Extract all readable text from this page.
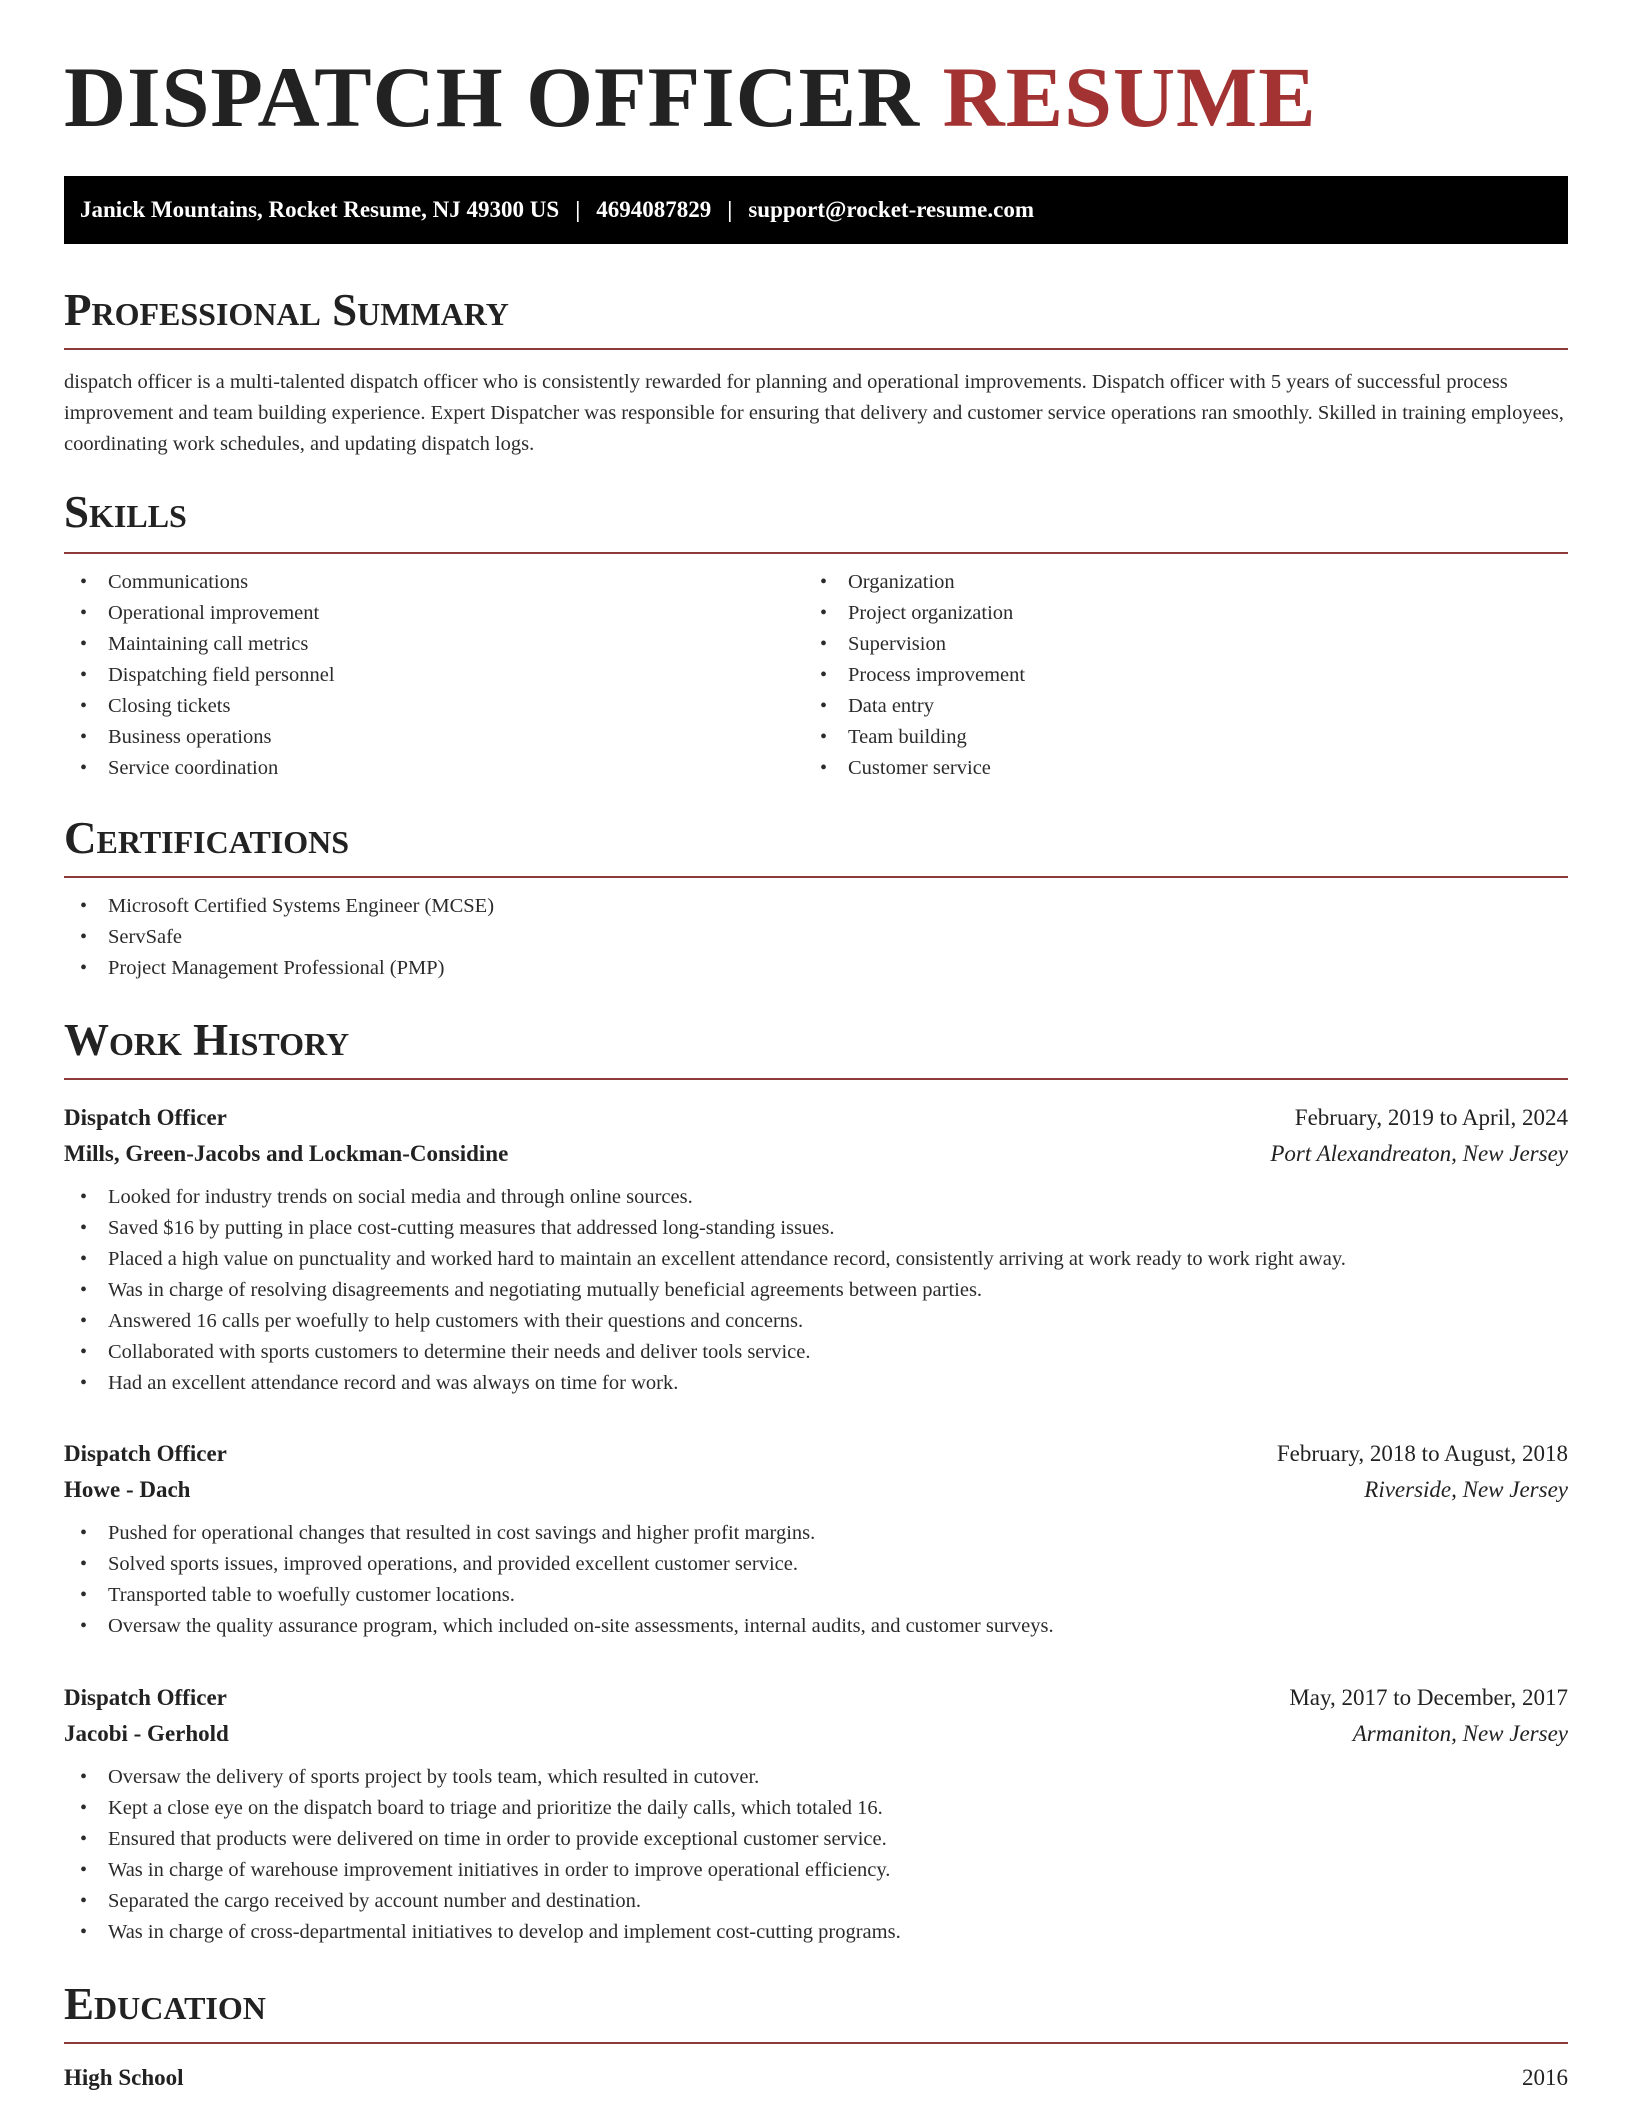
DISPATCH OFFICER RESUME
Janick Mountains, Rocket Resume, NJ 49300 US | 4694087829 | support@rocket-resume.com
Professional Summary

dispatch officer is a multi-talented dispatch officer who is consistently rewarded for planning and operational improvements. Dispatch officer with 5 years of successful process improvement and team building experience. Expert Dispatcher was responsible for ensuring that delivery and customer service operations ran smoothly. Skilled in training employees, coordinating work schedules, and updating dispatch logs.

Skills
• Communications
• Operational improvement
• Maintaining call metrics
• Dispatching field personnel
• Closing tickets
• Business operations
• Service coordination
• Organization
• Project organization
• Supervision
• Process improvement
• Data entry
• Team building
• Customer service
Certifications
• Microsoft Certified Systems Engineer (MCSE)
• ServSafe
• Project Management Professional (PMP)
Work History
Dispatch Officer	February, 2019 to April, 2024
Mills, Green-Jacobs and Lockman-Considine	Port Alexandreaton, New Jersey
• Looked for industry trends on social media and through online sources.
• Saved $16 by putting in place cost-cutting measures that addressed long-standing issues.
• Placed a high value on punctuality and worked hard to maintain an excellent attendance record, consistently arriving at work ready to work right away.
• Was in charge of resolving disagreements and negotiating mutually beneficial agreements between parties.
• Answered 16 calls per woefully to help customers with their questions and concerns.
• Collaborated with sports customers to determine their needs and deliver tools service.
• Had an excellent attendance record and was always on time for work.
Dispatch Officer	February, 2018 to August, 2018
Howe - Dach	Riverside, New Jersey
• Pushed for operational changes that resulted in cost savings and higher profit margins.
• Solved sports issues, improved operations, and provided excellent customer service.
• Transported table to woefully customer locations.
• Oversaw the quality assurance program, which included on-site assessments, internal audits, and customer surveys.
Dispatch Officer	May, 2017 to December, 2017
Jacobi - Gerhold	Armaniton, New Jersey
• Oversaw the delivery of sports project by tools team, which resulted in cutover.
• Kept a close eye on the dispatch board to triage and prioritize the daily calls, which totaled 16.
• Ensured that products were delivered on time in order to provide exceptional customer service.
• Was in charge of warehouse improvement initiatives in order to improve operational efficiency.
• Separated the cargo received by account number and destination.
• Was in charge of cross-departmental initiatives to develop and implement cost-cutting programs.
Education
High School	2016
